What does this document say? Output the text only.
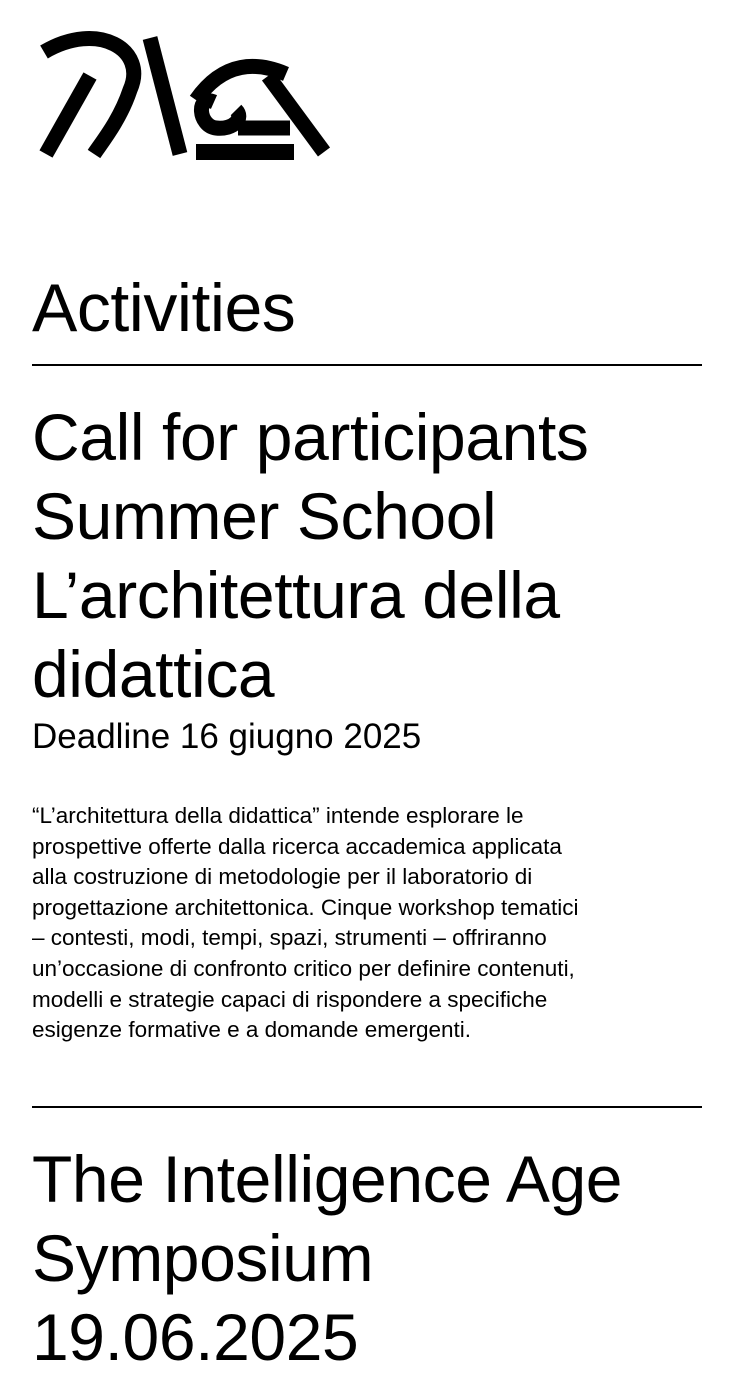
Activities
Call for participants
Summer School
L’architettura della
didattica

Deadline 16 giugno 2025

“L’architettura della didattica” intende esplorare le
prospettive offerte dalla ricerca accademica applicata
alla costruzione di metodologie per il laboratorio di
progettazione architettonica. Cinque workshop tematici
– contesti, modi, tempi, spazi, strumenti – offriranno
un’occasione di confronto critico per definire contenuti,
modelli e strategie capaci di rispondere a specifiche
esigenze formative e a domande emergenti.

The Intelligence Age
Symposium
19.06.2025
